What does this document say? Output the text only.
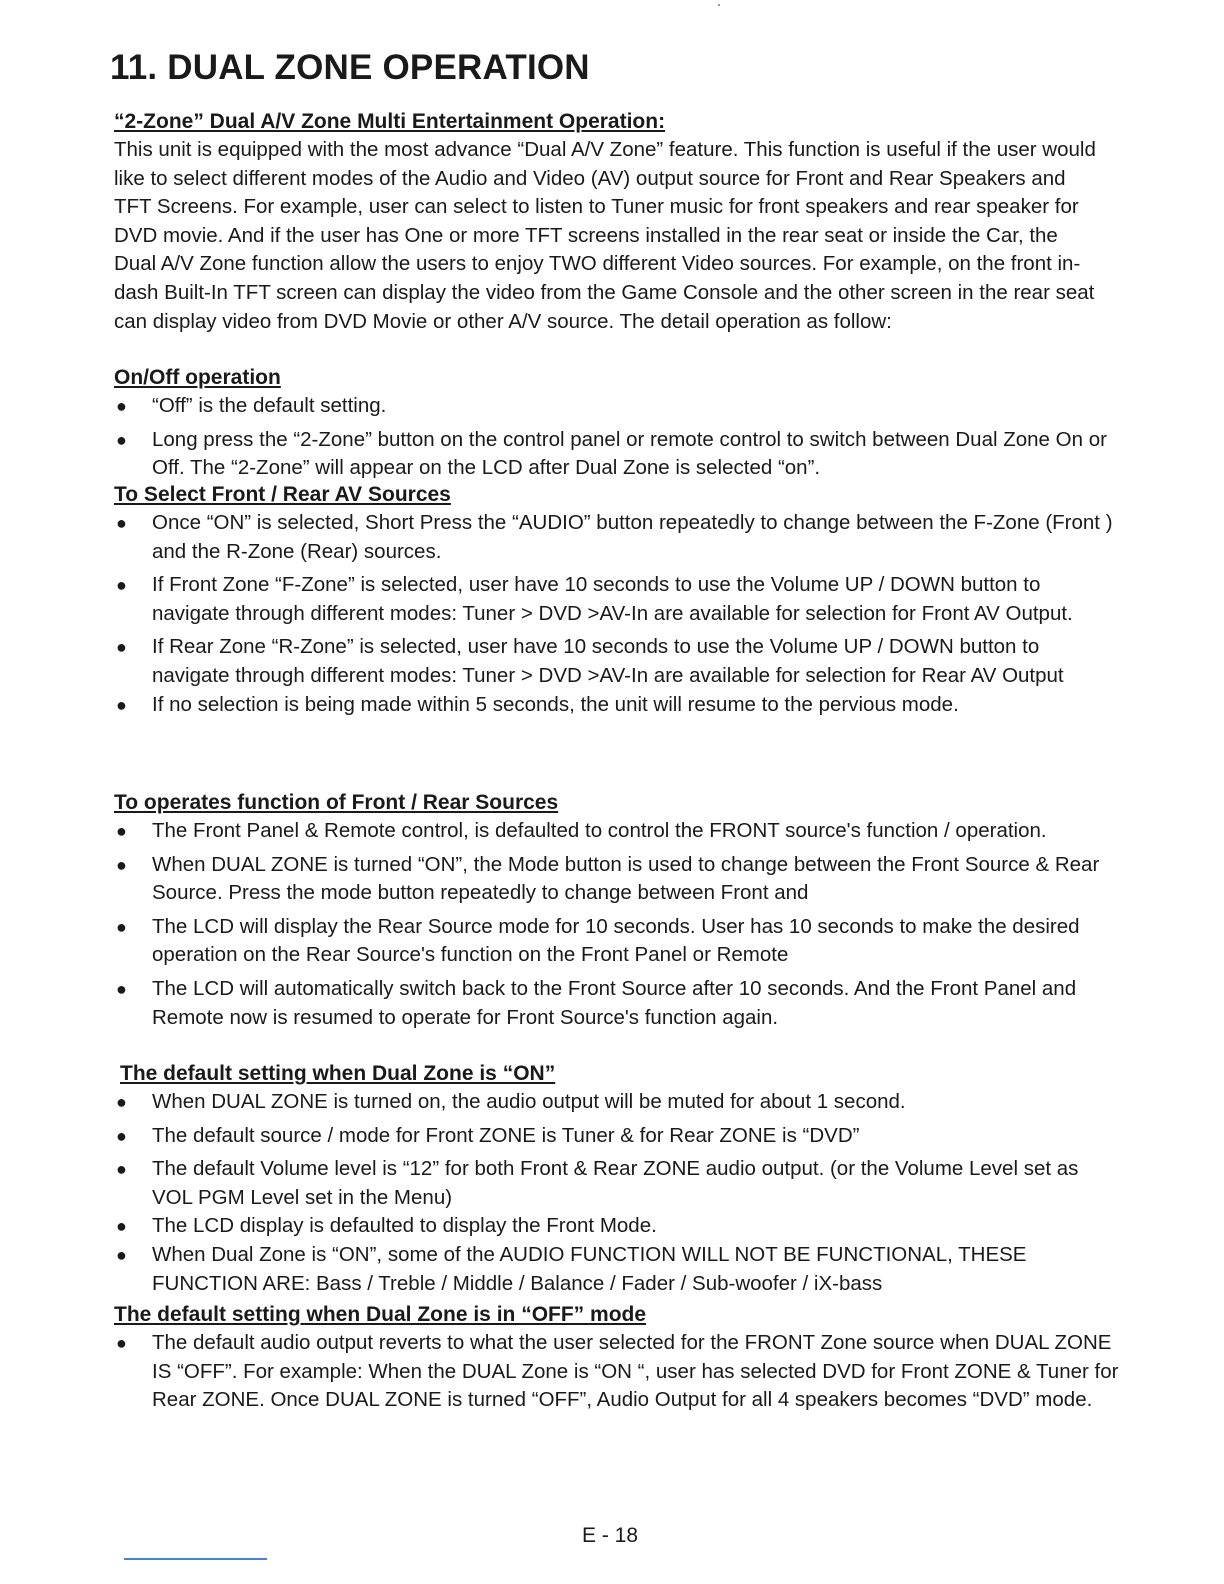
11. DUAL ZONE OPERATION

“2-Zone” Dual A/V Zone Multi Entertainment Operation:

This unit is equipped with the most advance “Dual A/V Zone” feature. This function is useful if the user would like to select different modes of the Audio and Video (AV) output source for Front and Rear Speakers and TFT Screens. For example, user can select to listen to Tuner music for front speakers and rear speaker for DVD movie. And if the user has One or more TFT screens installed in the rear seat or inside the Car, the Dual A/V Zone function allow the users to enjoy TWO different Video sources. For example, on the front in-dash Built-In TFT screen can display the video from the Game Console and the other screen in the rear seat can display video from DVD Movie or other A/V source. The detail operation as follow:

On/Off operation

● “Off” is the default setting.
● Long press the “2-Zone” button on the control panel or remote control to switch between Dual Zone On or Off. The “2-Zone” will appear on the LCD after Dual Zone is selected “on”.

To Select Front / Rear AV Sources

● Once “ON” is selected, Short Press the “AUDIO” button repeatedly to change between the F-Zone (Front ) and the R-Zone (Rear) sources.
● If Front Zone “F-Zone” is selected, user have 10 seconds to use the Volume UP / DOWN button to navigate through different modes: Tuner > DVD >AV-In are available for selection for Front AV Output.
● If Rear Zone “R-Zone” is selected, user have 10 seconds to use the Volume UP / DOWN button to navigate through different modes: Tuner > DVD >AV-In are available for selection for Rear AV Output
● If no selection is being made within 5 seconds, the unit will resume to the pervious mode.

To operates function of Front / Rear Sources

● The Front Panel & Remote control, is defaulted to control the FRONT source's function / operation.
● When DUAL ZONE is turned “ON”, the Mode button is used to change between the Front Source & Rear Source. Press the mode button repeatedly to change between Front and
● The LCD will display the Rear Source mode for 10 seconds. User has 10 seconds to make the desired operation on the Rear Source's function on the Front Panel or Remote
● The LCD will automatically switch back to the Front Source after 10 seconds. And the Front Panel and Remote now is resumed to operate for Front Source's function again.

The default setting when Dual Zone is “ON”

● When DUAL ZONE is turned on, the audio output will be muted for about 1 second.
● The default source / mode for Front ZONE is Tuner & for Rear ZONE is “DVD”
● The default Volume level is “12” for both Front & Rear ZONE audio output. (or the Volume Level set as VOL PGM Level set in the Menu)
● The LCD display is defaulted to display the Front Mode.
● When Dual Zone is “ON”, some of the AUDIO FUNCTION WILL NOT BE FUNCTIONAL, THESE FUNCTION ARE: Bass / Treble / Middle / Balance / Fader / Sub-woofer / iX-bass

The default setting when Dual Zone is in “OFF” mode

● The default audio output reverts to what the user selected for the FRONT Zone source when DUAL ZONE IS “OFF”. For example: When the DUAL Zone is “ON “, user has selected DVD for Front ZONE & Tuner for Rear ZONE. Once DUAL ZONE is turned “OFF”, Audio Output for all 4 speakers becomes “DVD” mode.
E - 18
